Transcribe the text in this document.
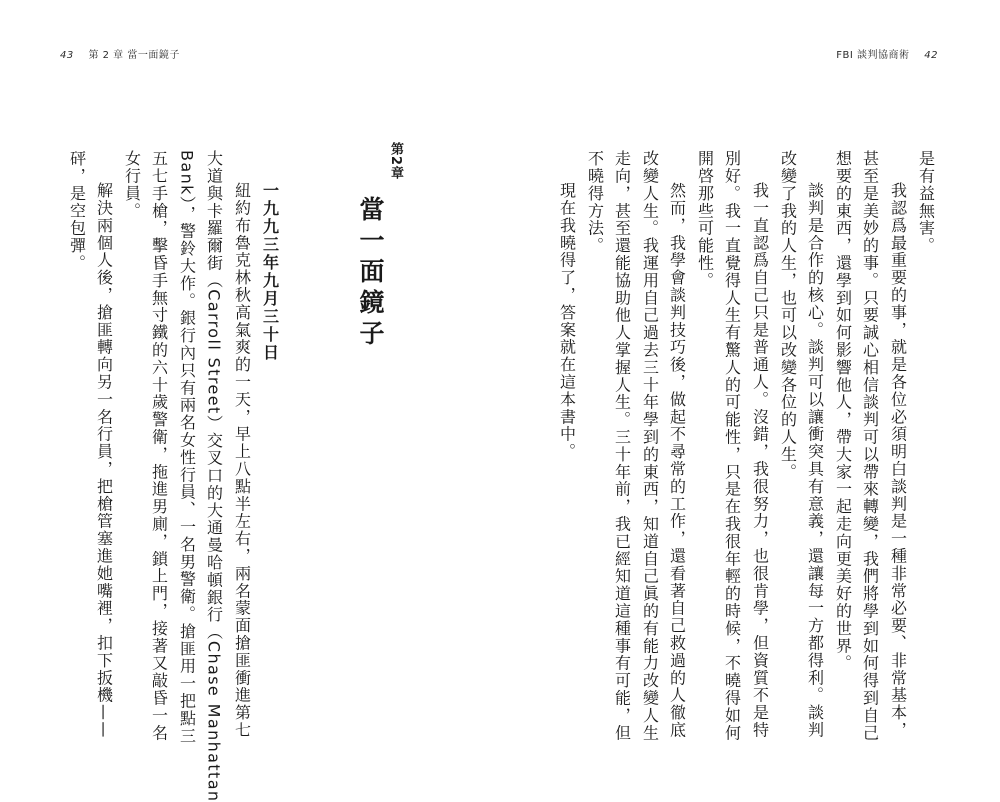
43 第 2 章 當一面鏡子	FBI 談判協商術 42
是有益無害。
我認爲最重要的事，就是各位必須明白談判是一種非常必要、非常基本，
甚至是美妙的事。只要誠心相信談判可以帶來轉變，我們將學到如何得到自己
想要的東西，還學到如何影響他人，帶大家一起走向更美好的世界。
談判是合作的核心。談判可以讓衝突具有意義，還讓每一方都得利。談判
改變了我的人生，也可以改變各位的人生。
我一直認爲自己只是普通人。沒錯，我很努力，也很肯學，但資質不是特
別好。我一直覺得人生有驚人的可能性，只是在我很年輕的時候，不曉得如何
開啓那些可能性。
然而，我學會談判技巧後，做起不尋常的工作，還看著自己救過的人徹底
改變人生。我運用自己過去三十年學到的東西，知道自己眞的有能力改變人生
走向，甚至還能協助他人掌握人生。三十年前，我已經知道這種事有可能，但
不曉得方法。
現在我曉得了，答案就在這本書中。
第2章
當一面鏡子
一九九三年九月三十日
紐約布魯克林秋高氣爽的一天，早上八點半左右，兩名蒙面搶匪衝進第七
大道與卡羅爾街（Carroll Street）交叉口的大通曼哈頓銀行（Chase Manhattan
Bank），警鈴大作。銀行內只有兩名女性行員、一名男警衛。搶匪用一把點三
五七手槍，擊昏手無寸鐵的六十歲警衛，拖進男廁，鎖上門，接著又敲昏一名
女行員。
解決兩個人後，搶匪轉向另一名行員，把槍管塞進她嘴裡，扣下扳機——
砰，是空包彈。
